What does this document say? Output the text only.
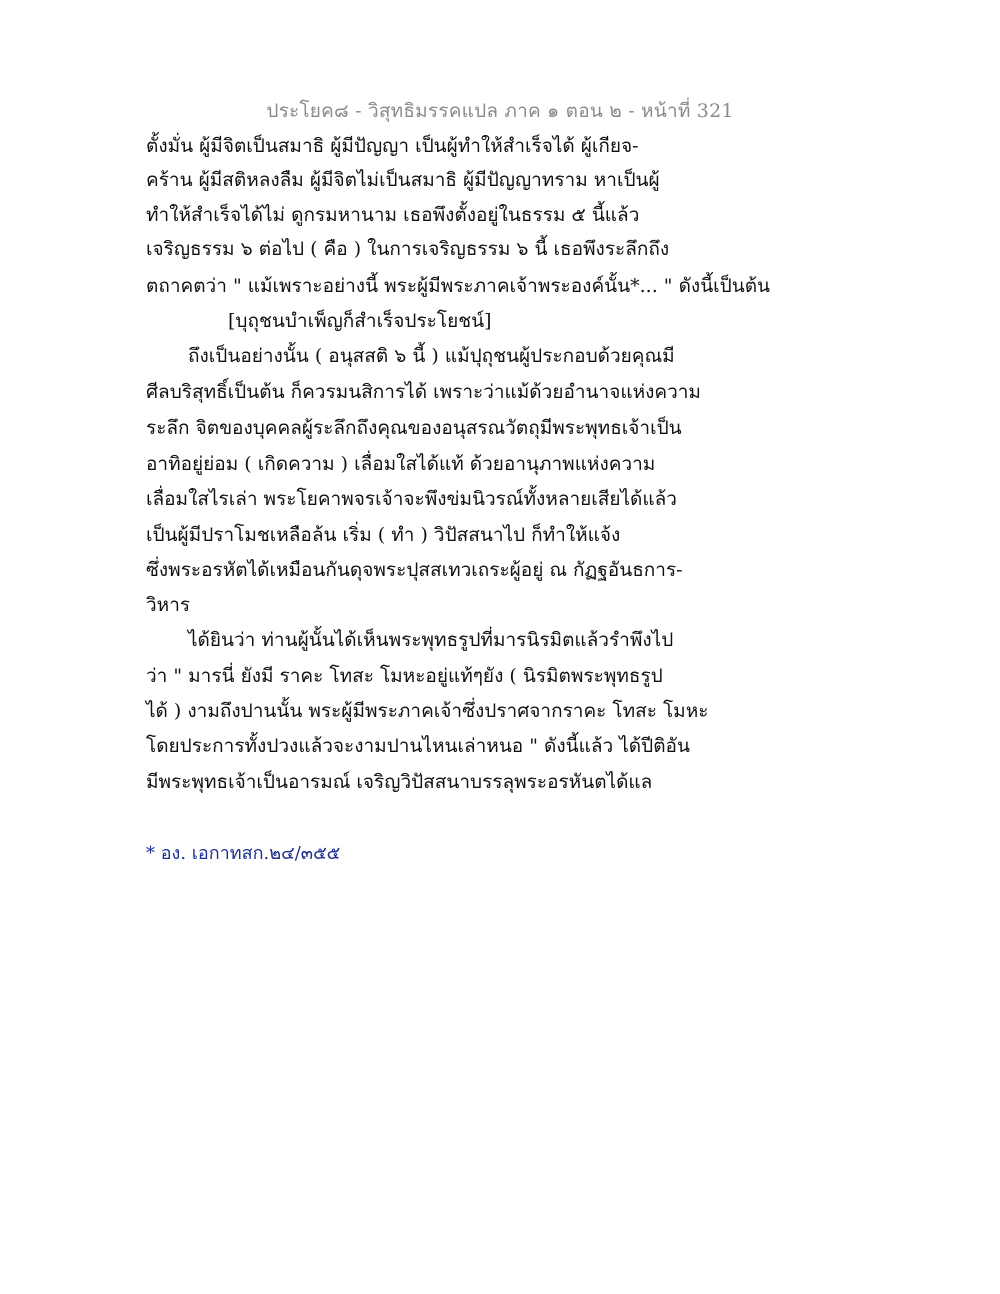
ประโยค๘ - วิสุทธิมรรคแปล ภาค ๑ ตอน ๒ - หน้าที่ 321
ตั้งมั่น ผู้มีจิตเป็นสมาธิ ผู้มีปัญญา เป็นผู้ทำให้สำเร็จได้ ผู้เกียจ-
คร้าน ผู้มีสติหลงลืม ผู้มีจิตไม่เป็นสมาธิ ผู้มีปัญญาทราม หาเป็นผู้
ทำให้สำเร็จได้ไม่ ดูกรมหานาม เธอพึงตั้งอยู่ในธรรม ๕ นี้แล้ว
เจริญธรรม ๖ ต่อไป ( คือ ) ในการเจริญธรรม ๖ นี้ เธอพึงระลึกถึง
ตถาคตว่า " แม้เพราะอย่างนี้ พระผู้มีพระภาคเจ้าพระองค์นั้น*... " ดังนี้เป็นต้น
[บุถุชนบำเพ็ญก็สำเร็จประโยชน์]
ถึงเป็นอย่างนั้น ( อนุสสติ ๖ นี้ ) แม้ปุถุชนผู้ประกอบด้วยคุณมี
ศีลบริสุทธิ์เป็นต้น ก็ควรมนสิการได้ เพราะว่าแม้ด้วยอำนาจแห่งความ
ระลึก จิตของบุคคลผู้ระลึกถึงคุณของอนุสรณวัตถุมีพระพุทธเจ้าเป็น
อาทิอยู่ย่อม ( เกิดความ ) เลื่อมใสได้แท้ ด้วยอานุภาพแห่งความ
เลื่อมใสไรเล่า พระโยคาพจรเจ้าจะพึงข่มนิวรณ์ทั้งหลายเสียได้แล้ว
เป็นผู้มีปราโมชเหลือล้น เริ่ม ( ทำ ) วิปัสสนาไป ก็ทำให้แจ้ง
ซึ่งพระอรหัตได้เหมือนกันดุจพระปุสสเทวเถระผู้อยู่ ณ กัฏฐอันธการ-
วิหาร
ได้ยินว่า ท่านผู้นั้นได้เห็นพระพุทธรูปที่มารนิรมิตแล้วรำพึงไป
ว่า " มารนี่ ยังมี ราคะ โทสะ โมหะอยู่แท้ๆยัง ( นิรมิตพระพุทธรูป
ได้ ) งามถึงปานนั้น พระผู้มีพระภาคเจ้าซึ่งปราศจากราคะ โทสะ โมหะ
โดยประการทั้งปวงแล้วจะงามปานไหนเล่าหนอ " ดังนี้แล้ว ได้ปีติอัน
มีพระพุทธเจ้าเป็นอารมณ์ เจริญวิปัสสนาบรรลุพระอรหันตได้แล
* อง. เอกาทสก.๒๔/๓๕๕
